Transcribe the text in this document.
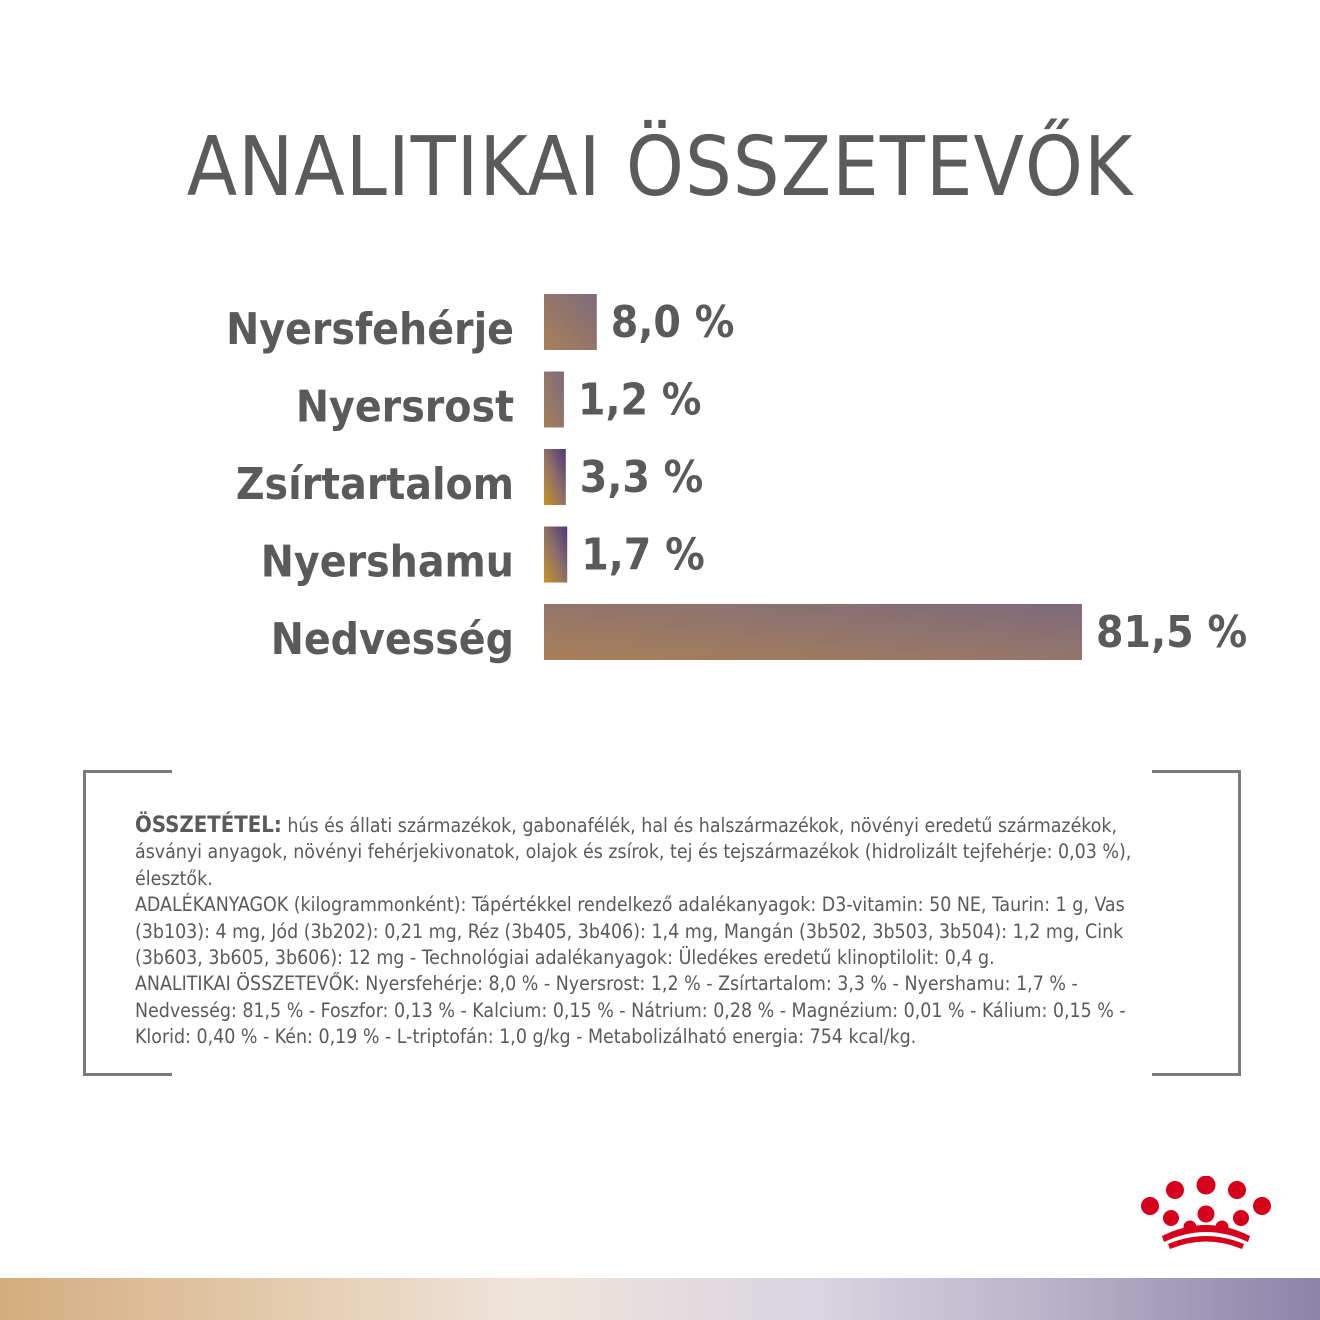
ANALITIKAI ÖSSZETEVŐK
Nyersfehérje 8,0 %
Nyersrost 1,2 %
Zsírtartalom 3,3 %
Nyershamu 1,7 %
Nedvesség	81,5 %

ÖSSZETÉTEL: hús és állati származékok, gabonafélék, hal és halszármazékok, növényi eredetű származékok, ásványi anyagok, növényi fehérjekivonatok, olajok és zsírok, tej és tejszármazékok (hidrolizált tejfehérje: 0,03 %), élesztők.

ADALÉKANYAGOK (kilogrammonként): Tápértékkel rendelkező adalékanyagok: D3-vitamin: 50 NE, Taurin: 1 g, Vas (3b103): 4 mg, Jód (3b202): 0,21 mg, Réz (3b405, 3b406): 1,4 mg, Mangán (3b502, 3b503, 3b504): 1,2 mg, Cink (3b603, 3b605, 3b606): 12 mg - Technológiai adalékanyagok: Üledékes eredetű klinoptilolit: 0,4 g.

ANALITIKAI ÖSSZETEVŐK: Nyersfehérje: 8,0 % - Nyersrost: 1,2 % - Zsírtartalom: 3,3 % - Nyershamu: 1,7 % - Nedvesség: 81,5 % - Foszfor: 0,13 % - Kalcium: 0,15 % - Nátrium: 0,28 % - Magnézium: 0,01 % - Kálium: 0,15 % - Klorid: 0,40 % - Kén: 0,19 % - L-triptofán: 1,0 g/kg - Metabolizálható energia: 754 kcal/kg.
